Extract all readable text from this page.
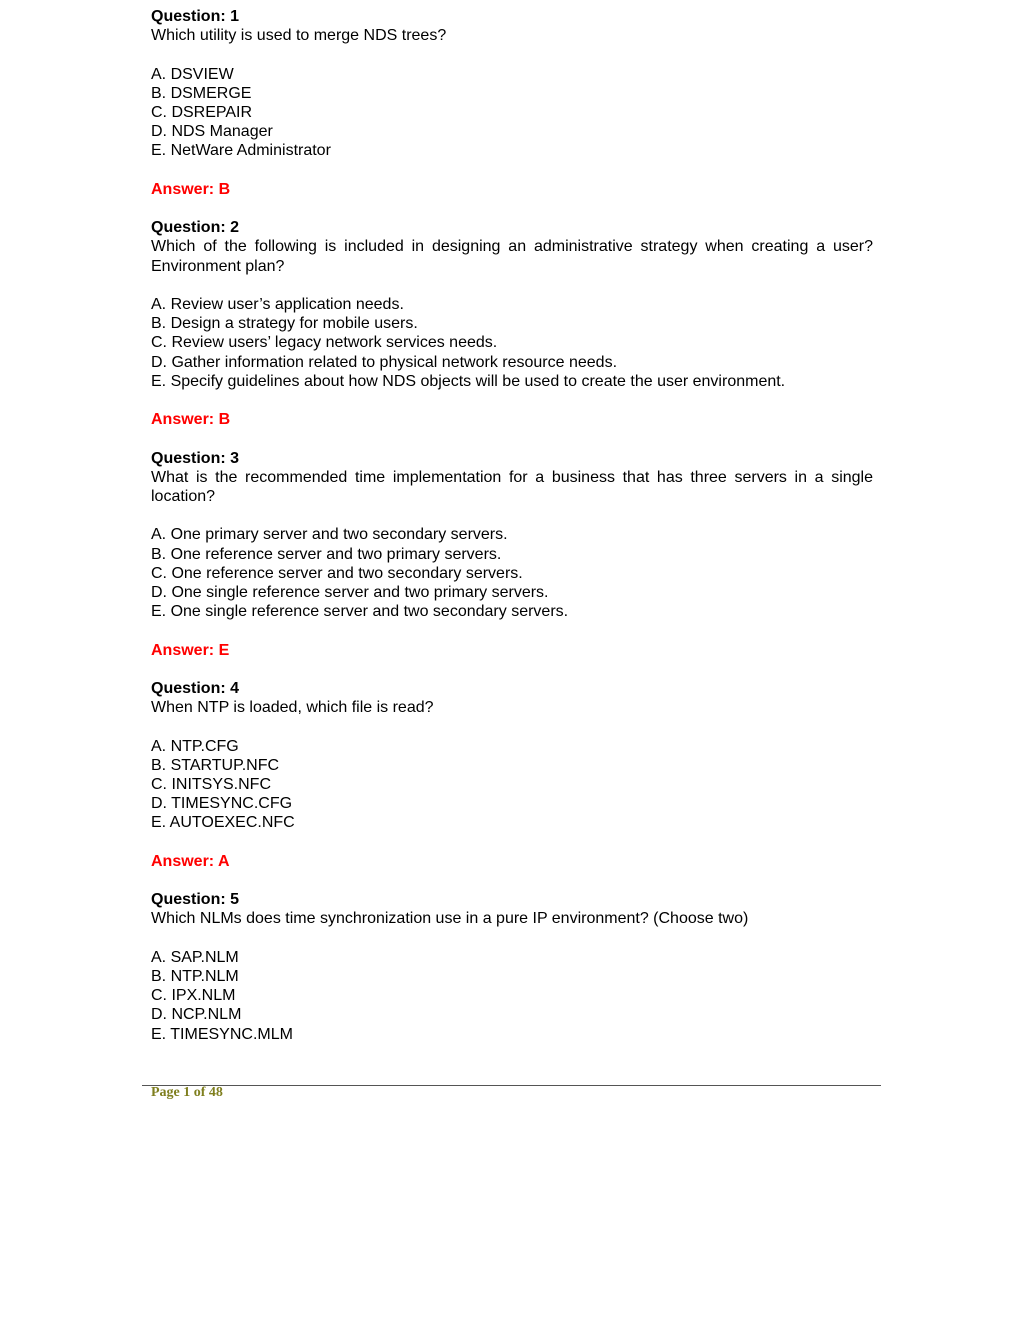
Question: 1
Which utility is used to merge NDS trees?
A. DSVIEW
B. DSMERGE
C. DSREPAIR
D. NDS Manager
E. NetWare Administrator
Answer: B
Question: 2
Which of the following is included in designing an administrative strategy when creating a user? Environment plan?
A. Review user’s application needs.
B. Design a strategy for mobile users.
C. Review users’ legacy network services needs.
D. Gather information related to physical network resource needs.
E. Specify guidelines about how NDS objects will be used to create the user environment.
Answer: B
Question: 3
What is the recommended time implementation for a business that has three servers in a single location?
A. One primary server and two secondary servers.
B. One reference server and two primary servers.
C. One reference server and two secondary servers.
D. One single reference server and two primary servers.
E. One single reference server and two secondary servers.
Answer: E
Question: 4
When NTP is loaded, which file is read?
A. NTP.CFG
B. STARTUP.NFC
C. INITSYS.NFC
D. TIMESYNC.CFG
E. AUTOEXEC.NFC
Answer: A
Question: 5
Which NLMs does time synchronization use in a pure IP environment? (Choose two)
A. SAP.NLM
B. NTP.NLM
C. IPX.NLM
D. NCP.NLM
E. TIMESYNC.MLM
Page 1 of 48
